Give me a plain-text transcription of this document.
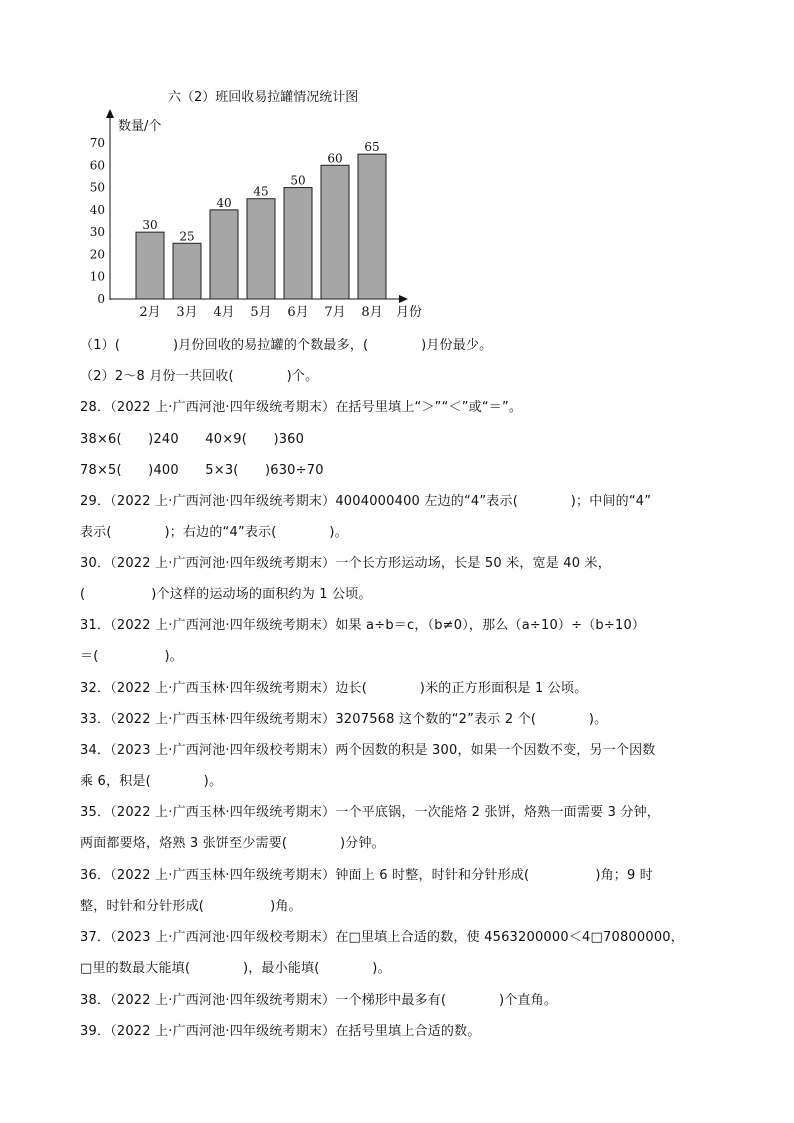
六（2）班回收易拉罐情况统计图
数量/个
月份
0
10
20
30
40
50
60
70
30
25
40
45
50
60
65
2月 3月 4月 5月 6月 7月 8月
（1）(　　　　)月份回收的易拉罐的个数最多，(　　　　)月份最少。
（2）2～8 月份一共回收(　　　　)个。
28．（2022 上·广西河池·四年级统考期末）在括号里填上“＞”“＜”或“＝”。
38×6(　　)240　　40×9(　　)360
78×5(　　)400　　5×3(　　)630÷70
29．（2022 上·广西河池·四年级统考期末）4004000400 左边的“4”表示(　　　　)；中间的“4”
表示(　　　　)；右边的“4”表示(　　　　)。
30．（2022 上·广西河池·四年级统考期末）一个长方形运动场，长是 50 米，宽是 40 米，
(　　　　　)个这样的运动场的面积约为 1 公顷。
31．（2022 上·广西河池·四年级统考期末）如果 a÷b＝c，（b≠0），那么（a÷10）÷（b÷10）
＝(　　　　　)。
32．（2022 上·广西玉林·四年级统考期末）边长(　　　　)米的正方形面积是 1 公顷。
33．（2022 上·广西玉林·四年级统考期末）3207568 这个数的“2”表示 2 个(　　　　)。
34．（2023 上·广西河池·四年级校考期末）两个因数的积是 300，如果一个因数不变，另一个因数
乘 6，积是(　　　　)。
35．（2022 上·广西玉林·四年级统考期末）一个平底锅，一次能烙 2 张饼，烙熟一面需要 3 分钟，
两面都要烙，烙熟 3 张饼至少需要(　　　　)分钟。
36．（2022 上·广西玉林·四年级统考期末）钟面上 6 时整，时针和分针形成(　　　　　)角；9 时
整，时针和分针形成(　　　　　)角。
37．（2023 上·广西河池·四年级校考期末）在□里填上合适的数，使 4563200000＜4□70800000，
□里的数最大能填(　　　　)，最小能填(　　　　)。
38．（2022 上·广西河池·四年级统考期末）一个梯形中最多有(　　　　)个直角。
39．（2022 上·广西河池·四年级统考期末）在括号里填上合适的数。
